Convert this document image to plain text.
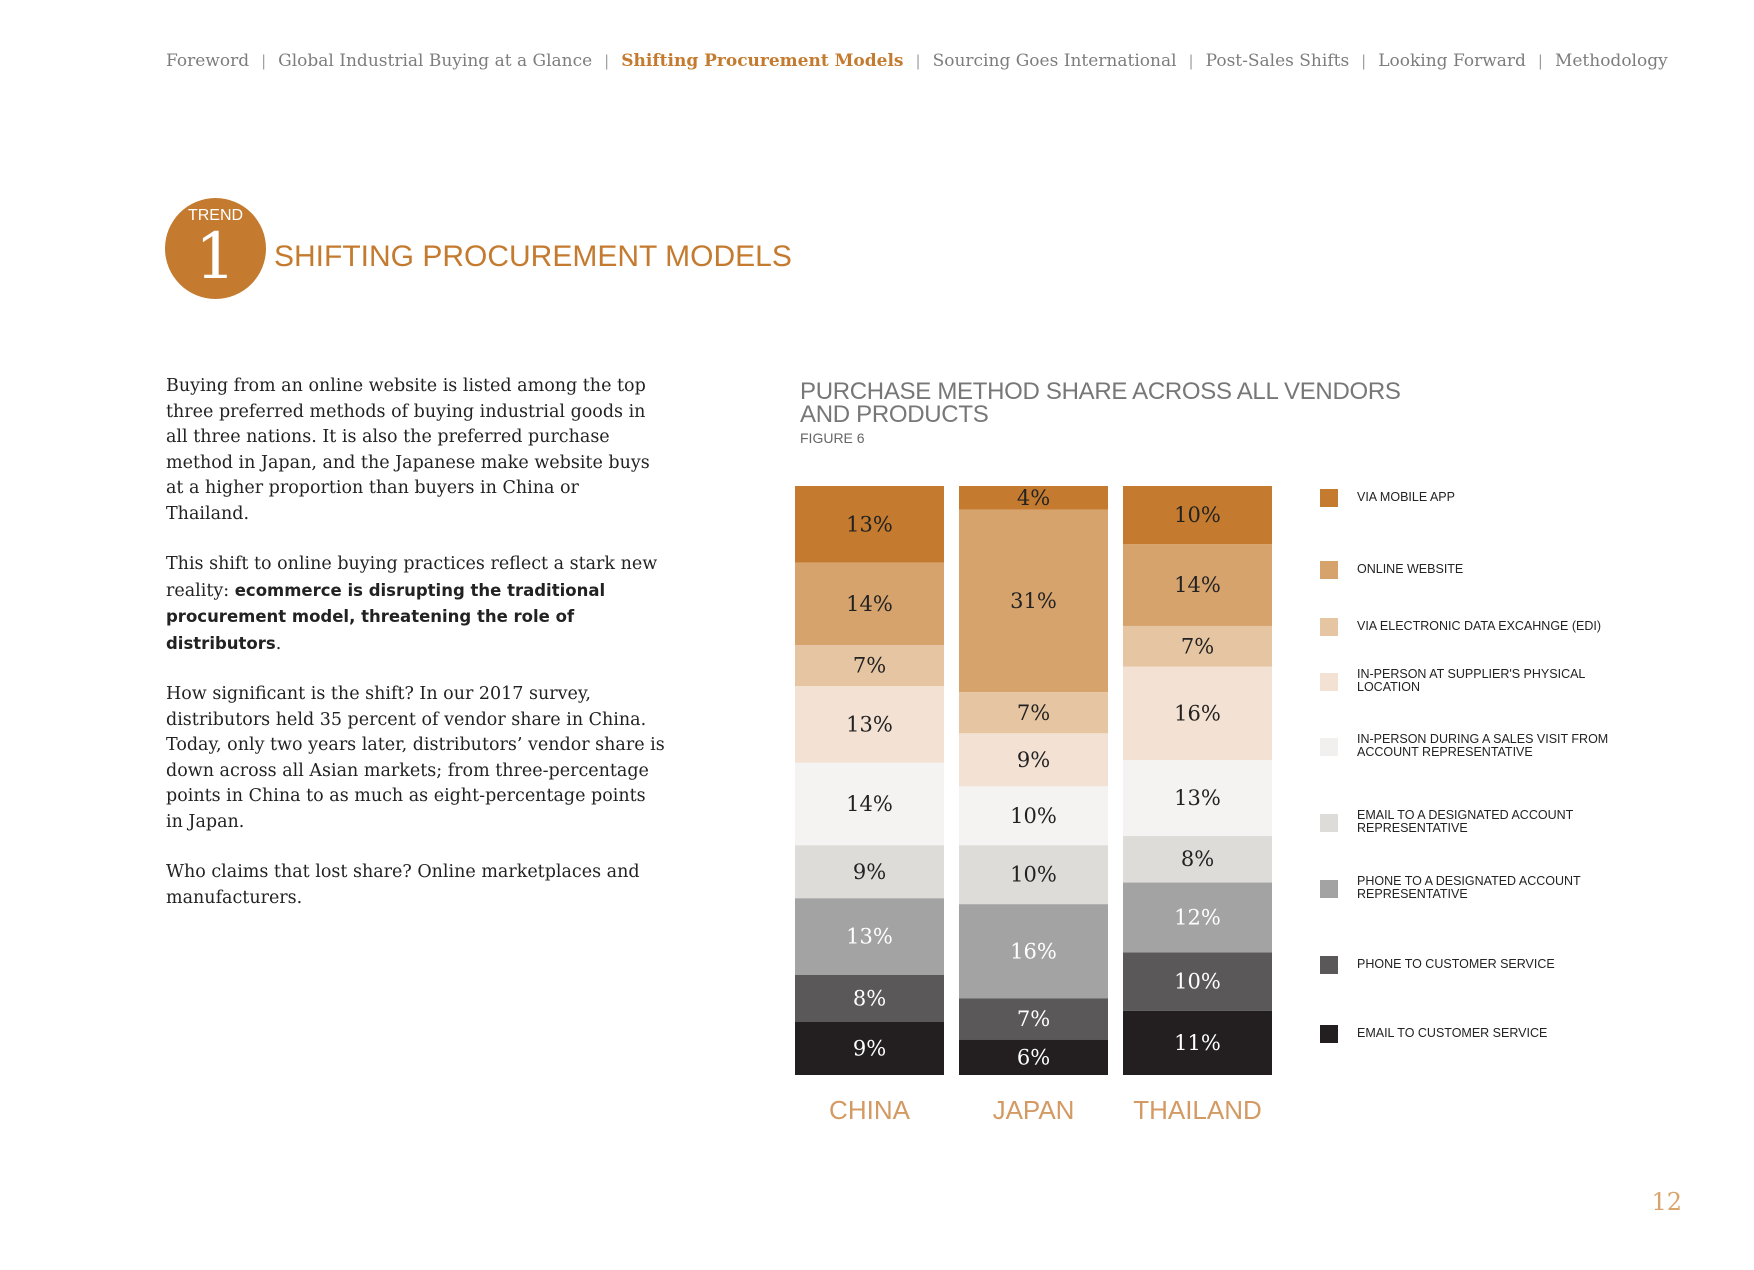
Foreword | Global Industrial Buying at a Glance | Shifting Procurement Models | Sourcing Goes International | Post-Sales Shifts | Looking Forward | Methodology
TREND
1	SHIFTING PROCUREMENT MODELS

Buying from an online website is listed among the top three preferred methods of buying industrial goods in all three nations. It is also the preferred purchase method in Japan, and the Japanese make website buys at a higher proportion than buyers in China or Thailand.

This shift to online buying practices reflect a stark new reality: ecommerce is disrupting the traditional procurement model, threatening the role of distributors.

How significant is the shift? In our 2017 survey, distributors held 35 percent of vendor share in China. Today, only two years later, distributors’ vendor share is down across all Asian markets; from three-percentage points in China to as much as eight-percentage points in Japan.

Who claims that lost share? Online marketplaces and manufacturers.

PURCHASE METHOD SHARE ACROSS ALL VENDORS AND PRODUCTS
FIGURE 6
13%
14%
7%
13%
14%
9%
13%
8%
9%
CHINA
4%
31%
7%
9%
10%
10%
16%
7%
6%
JAPAN
10%
14%
7%
16%
13%
8%
12%
10%
11%
THAILAND
VIA MOBILE APP
ONLINE WEBSITE
VIA ELECTRONIC DATA EXCAHNGE (EDI)
IN-PERSON AT SUPPLIER'S PHYSICAL LOCATION
IN-PERSON DURING A SALES VISIT FROM ACCOUNT REPRESENTATIVE
EMAIL TO A DESIGNATED ACCOUNT REPRESENTATIVE
PHONE TO A DESIGNATED ACCOUNT REPRESENTATIVE
PHONE TO CUSTOMER SERVICE
EMAIL TO CUSTOMER SERVICE
12
